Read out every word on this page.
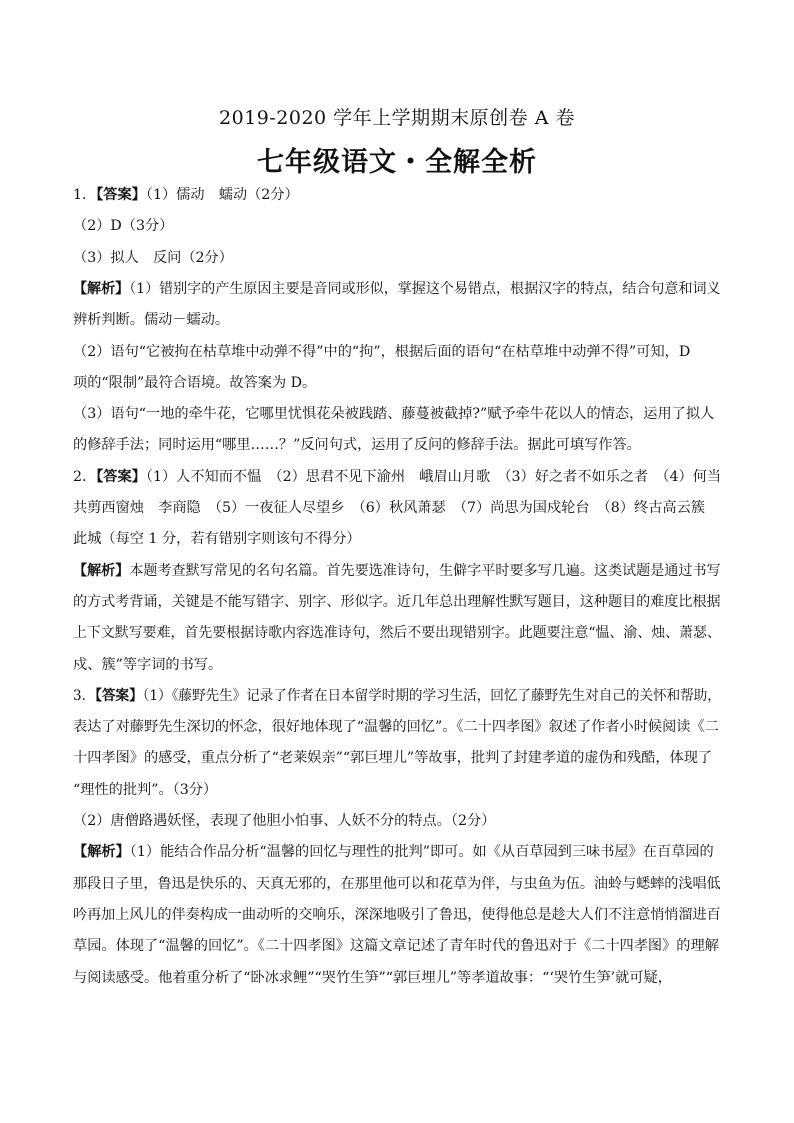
2019-2020 学年上学期期末原创卷 A 卷
七年级语文・全解全析
1．【答案】（1）儒动　蠕动（2分）
（2）D（3分）
（3）拟人　反问（2分）
【解析】（1）错别字的产生原因主要是音同或形似，掌握这个易错点，根据汉字的特点，结合句意和词义
辨析判断。儒动－蠕动。
（2）语句“它被拘在枯草堆中动弹不得”中的“拘”，根据后面的语句“在枯草堆中动弹不得”可知，D
项的“限制”最符合语境。故答案为 D。
（3）语句“一地的牵牛花，它哪里忧惧花朵被践踏、藤蔓被截掉?”赋予牵牛花以人的情态，运用了拟人
的修辞手法；同时运用“哪里……？”反问句式，运用了反问的修辞手法。据此可填写作答。
2．【答案】（1）人不知而不愠　（2）思君不见下渝州　峨眉山月歌　（3）好之者不如乐之者　（4）何当
共剪西窗烛　李商隐　（5）一夜征人尽望乡　（6）秋风萧瑟　（7）尚思为国戍轮台　（8）终古高云簇
此城（每空 1 分，若有错别字则该句不得分）
【解析】本题考查默写常见的名句名篇。首先要选准诗句，生僻字平时要多写几遍。这类试题是通过书写
的方式考背诵，关键是不能写错字、别字、形似字。近几年总出理解性默写题目，这种题目的难度比根据
上下文默写要难，首先要根据诗歌内容选准诗句，然后不要出现错别字。此题要注意“愠、渝、烛、萧瑟、
戍、簇”等字词的书写。
3．【答案】（1）《藤野先生》记录了作者在日本留学时期的学习生活，回忆了藤野先生对自己的关怀和帮助，
表达了对藤野先生深切的怀念，很好地体现了“温馨的回忆”。《二十四孝图》叙述了作者小时候阅读《二
十四孝图》的感受，重点分析了“老莱娱亲”“郭巨埋儿”等故事，批判了封建孝道的虚伪和残酷，体现了
“理性的批判”。（3分）
（2）唐僧路遇妖怪，表现了他胆小怕事、人妖不分的特点。（2分）
【解析】（1）能结合作品分析“温馨的回忆与理性的批判”即可。如《从百草园到三味书屋》在百草园的
那段日子里，鲁迅是快乐的、天真无邪的，在那里他可以和花草为伴，与虫鱼为伍。油蛉与蟋蟀的浅唱低
吟再加上风儿的伴奏构成一曲动听的交响乐，深深地吸引了鲁迅，使得他总是趁大人们不注意悄悄溜进百
草园。体现了“温馨的回忆”。《二十四孝图》这篇文章记述了青年时代的鲁迅对于《二十四孝图》的理解
与阅读感受。他着重分析了“卧冰求鲤”“哭竹生笋”“郭巨埋儿”等孝道故事：“‘哭竹生笋’就可疑，
